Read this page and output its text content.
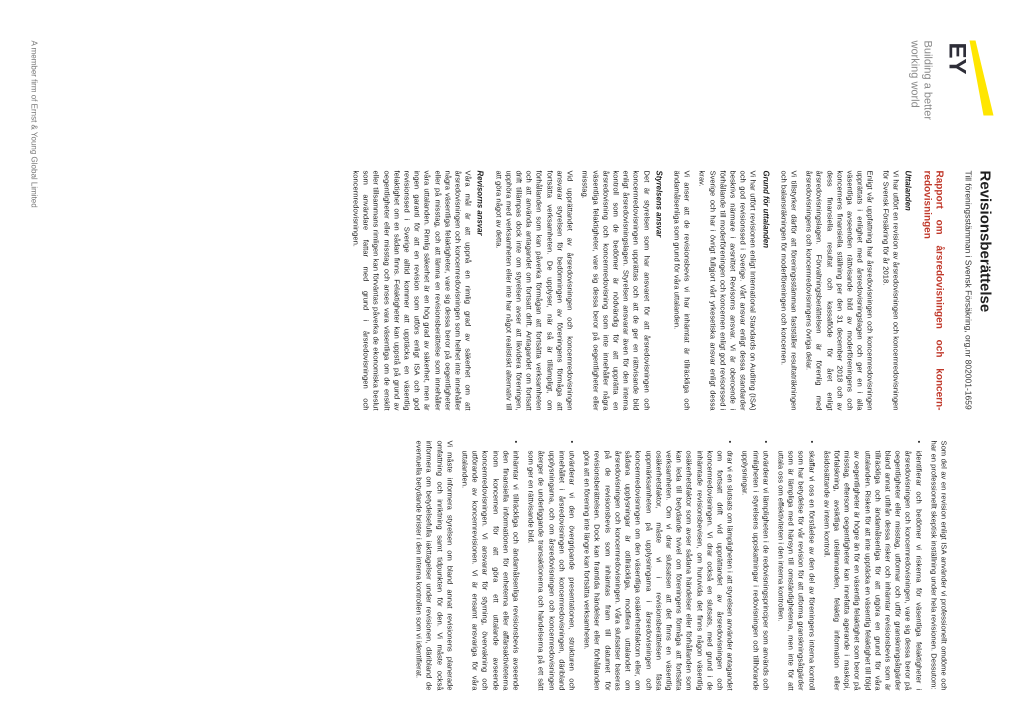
EY
Building a better working world
A member firm of Ernst & Young Global Limited
Revisionsberättelse
Till föreningsstämman i Svensk Försäkring, org.nr 802001-1659
Rapport om årsredovisningen och koncern-redovisningen
Uttalanden

Vi har utfört en revision av årsredovisningen och koncernredovisningen för Svensk Försäkring för år 2018.

Enligt vår uppfattning har årsredovisningen och koncernredovisningen upprättats i enlighet med årsredovisningslagen och ger en i alla väsentliga avseenden rättvisande bild av moderföreningens och koncernens finansiella ställning per den 31 december 2018 och av dess finansiella resultat och kassaflöde för året enligt årsredovisningslagen. Förvaltningsberättelsen är förenlig med årsredovisningens och koncernredovisningens övriga delar.

Vi tillstyrker därför att föreningsstämman fastställer resultaträkningen och balansräkningen för moderföreningen och koncernen.

Grund för uttalanden

Vi har utfört revisionen enligt International Standards on Auditing (ISA) och god revisionssed i Sverige. Vårt ansvar enligt dessa standarder beskrivs närmare i avsnittet Revisorns ansvar. Vi är oberoende i förhållande till moderföreningen och koncernen enligt god revisorssed i Sverige och har i övrigt fullgjort vårt yrkesetiska ansvar enligt dessa krav.

Vi anser att de revisionsbevis vi har inhämtat är tillräckliga och ändamålsenliga som grund för våra uttalanden.

Styrelsens ansvar

Det är styrelsen som har ansvaret för att årsredovisningen och koncernredovisningen upprättas och att de ger en rättvisande bild enligt årsredovisningslagen. Styrelsen ansvarar även för den interna kontroll som de bedömer är nödvändig för att upprätta en årsredovisning och koncernredovisning som inte innehåller några väsentliga felaktigheter, vare sig dessa beror på oegentligheter eller misstag.

Vid upprättandet av årsredovisningen och koncernredovisningen ansvarar styrelsen för bedömningen av föreningens förmåga att fortsätta verksamheten. De upplyser, när så är tillämpligt, om förhållanden som kan påverka förmågan att fortsätta verksamheten och att använda antagandet om fortsatt drift. Antagandet om fortsatt drift tillämpas dock inte om styrelsen avser att likvidera föreningen, upphöra med verksamheten eller inte har något realistiskt alternativ till att göra något av detta.

Revisorns ansvar

Våra mål är att uppnå en rimlig grad av säkerhet om att årsredovisningen och koncernredovisningen som helhet inte innehåller några väsentliga felaktigheter, vare sig dessa beror på oegentligheter eller på misstag, och att lämna en revisionsberättelse som innehåller våra uttalanden. Rimlig säkerhet är en hög grad av säkerhet, men är ingen garanti för att en revision som utförs enligt ISA och god revisionssed i Sverige alltid kommer att upptäcka en väsentlig felaktighet om en sådan finns. Felaktigheter kan uppstå på grund av oegentligheter eller misstag och anses vara väsentliga om de enskilt eller tillsammans rimligen kan förväntas påverka de ekonomiska beslut som användare fattar med grund i årsredovisningen och koncernredovisningen.

Som del av en revision enligt ISA använder vi professionellt omdöme och har en professionellt skeptisk inställning under hela revisionen. Dessutom:

•
identifierar och bedömer vi riskerna för väsentliga felaktigheter i årsredovisningen och koncernredovisningen, vare sig dessa beror på oegentligheter eller misstag, utformar och utför granskningsåtgärder bland annat utifrån dessa risker och inhämtar revisionsbevis som är tillräckliga och ändamålsenliga för att utgöra en grund för våra uttalanden. Risken för att inte upptäcka en väsentlig felaktighet till följd av oegentligheter är högre än för en väsentlig felaktighet som beror på misstag, eftersom oegentligheter kan innefatta agerande i maskopi, förfalskning, avsiktliga utelämnanden, felaktig information eller åsidosättande av intern kontroll.
•
skaffar vi oss en förståelse av den del av föreningens interna kontroll som har betydelse för vår revision för att utforma granskningsåtgärder som är lämpliga med hänsyn till omständigheterna, men inte för att uttala oss om effektiviteten i den interna kontrollen.
•
utvärderar vi lämpligheten i de redovisningsprinciper som används och rimligheten i styrelsens uppskattningar i redovisningen och tillhörande upplysningar.
•
drar vi en slutsats om lämpligheten i att styrelsen använder antagandet om fortsatt drift vid upprättandet av årsredovisningen och koncernredovisningen. Vi drar också en slutsats, med grund i de inhämtade revisionsbevisen, om huruvida det finns någon väsentlig osäkerhetsfaktor som avser sådana händelser eller förhållanden som kan leda till betydande tvivel om föreningens förmåga att fortsätta verksamheten. Om vi drar slutsatsen att det finns en väsentlig osäkerhetsfaktor, måste vi i revisionsberättelsen fästa uppmärksamheten på upplysningarna i årsredovisningen och koncernredovisningen om den väsentliga osäkerhetsfaktorn eller, om sådana upplysningar är otillräckliga, modifiera uttalandet om årsredovisningen och koncernredovisningen. Våra slutsatser baseras på de revisionsbevis som inhämtas fram till datumet för revisionsberättelsen. Dock kan framtida händelser eller förhållanden göra att en förening inte längre kan fortsätta verksamheten.
•
utvärderar vi den övergripande presentationen, strukturen och innehållet i årsredovisningen och koncernredovisningen, däribland upplysningarna, och om årsredovisningen och koncernredovisningen återger de underliggande transaktionerna och händelserna på ett sätt som ger en rättvisande bild.
•
inhämtar vi tillräckliga och ändamålsenliga revisionsbevis avseende den finansiella informationen för enheterna eller affärsaktiviteterna inom koncernen för att göra ett uttalande avseende koncernredovisningen. Vi ansvarar för styrning, övervakning och utförande av koncernrevisionen. Vi är ensamt ansvariga för våra uttalanden.

Vi måste informera styrelsen om bland annat revisionens planerade omfattning och inriktning samt tidpunkten för den. Vi måste också informera om betydelsefulla iakttagelser under revisionen, däribland de eventuella betydande brister i den interna kontrollen som vi identifierat.
